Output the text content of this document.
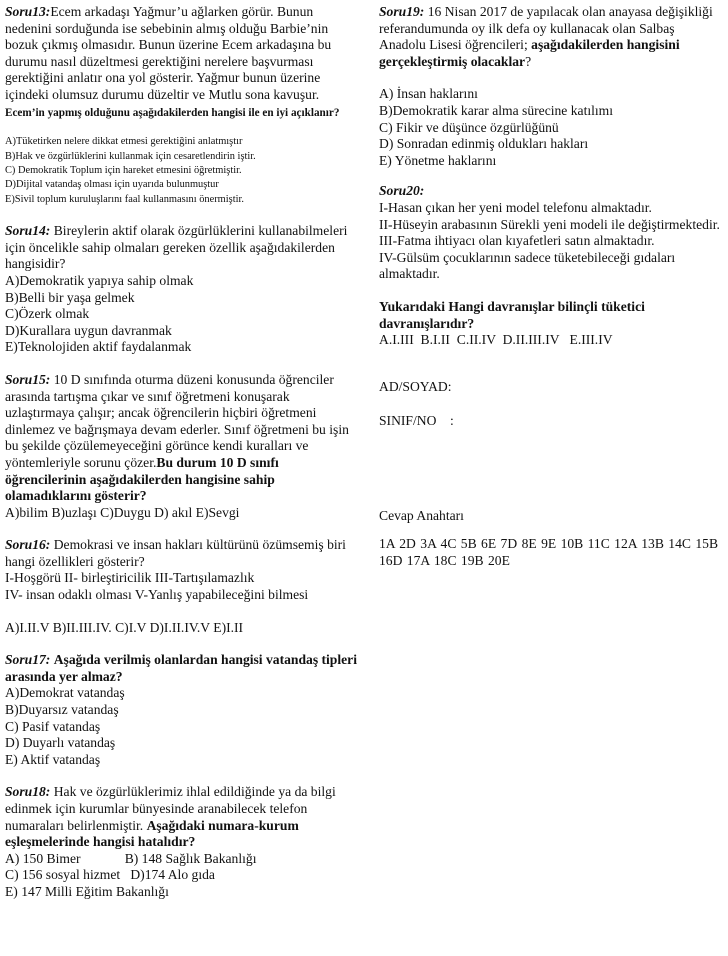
Soru13:Ecem arkadaşı Yağmur’u ağlarken görür. Bunun nedenini sorduğunda ise sebebinin almış olduğu Barbie’nin bozuk çıkmış olmasıdır. Bunun üzerine Ecem arkadaşına bu durumu nasıl düzeltmesi gerektiğini nerelere başvurması gerektiğini anlatır ona yol gösterir. Yağmur bunun üzerine içindeki olumsuz durumu düzeltir ve Mutlu sona kavuşur. Ecem’in yapmış olduğunu aşağıdakilerden hangisi ile en iyi açıklanır?

A)Tüketirken nelere dikkat etmesi gerektiğini anlatmıştır

B)Hak ve özgürlüklerini kullanmak için cesaretlendirin iştir.

C) Demokratik Toplum için hareket etmesini öğretmiştir.

D)Dijital vatandaş olması için uyarıda bulunmuştur

E)Sivil toplum kuruluşlarını faal kullanmasını önermiştir.

Soru14: Bireylerin aktif olarak özgürlüklerini kullanabilmeleri için öncelikle sahip olmaları gereken özellik aşağıdakilerden hangisidir?

A)Demokratik yapıya sahip olmak

B)Belli bir yaşa gelmek

C)Özerk olmak

D)Kurallara uygun davranmak

E)Teknolojiden aktif faydalanmak

Soru15: 10 D sınıfında oturma düzeni konusunda öğrenciler arasında tartışma çıkar ve sınıf öğretmeni konuşarak uzlaştırmaya çalışır; ancak öğrencilerin hiçbiri öğretmeni dinlemez ve bağrışmaya devam ederler. Sınıf öğretmeni bu işin bu şekilde çözülemeyeceğini görünce kendi kuralları ve yöntemleriyle sorunu çözer.Bu durum 10 D sınıfı öğrencilerinin aşağıdakilerden hangisine sahip olamadıklarını gösterir?

A)bilim B)uzlaşı C)Duygu D) akıl E)Sevgi

Soru16: Demokrasi ve insan hakları kültürünü özümsemiş biri hangi özellikleri gösterir?

I-Hoşgörü II- birleştiricilik III-Tartışılamazlık

IV- insan odaklı olması V-Yanlış yapabileceğini bilmesi

A)I.II.V B)II.III.IV. C)I.V D)I.II.IV.V E)I.II

Soru17: Aşağıda verilmiş olanlardan hangisi vatandaş tipleri arasında yer almaz?

A)Demokrat vatandaş

B)Duyarsız vatandaş

C) Pasif vatandaş

D) Duyarlı vatandaş

E) Aktif vatandaş

Soru18: Hak ve özgürlüklerimiz ihlal edildiğinde ya da bilgi edinmek için kurumlar bünyesinde aranabilecek telefon numaraları belirlenmiştir. Aşağıdaki numara-kurum eşleşmelerinde hangisi hatalıdır?

A) 150 Bimer             B) 148 Sağlık Bakanlığı

C) 156 sosyal hizmet   D)174 Alo gıda

E) 147 Milli Eğitim Bakanlığı

Soru19: 16 Nisan 2017 de yapılacak olan anayasa değişikliği referandumunda oy ilk defa oy kullanacak olan Salbaş Anadolu Lisesi öğrencileri; aşağıdakilerden hangisini gerçekleştirmiş olacaklar?

A) İnsan haklarını

B)Demokratik karar alma sürecine katılımı

C) Fikir ve düşünce özgürlüğünü

D) Sonradan edinmiş oldukları hakları

E) Yönetme haklarını

Soru20:

I-Hasan çıkan her yeni model telefonu almaktadır.

II-Hüseyin arabasının Sürekli yeni modeli ile değiştirmektedir.

III-Fatma ihtiyacı olan kıyafetleri satın almaktadır.

IV-Gülsüm çocuklarının sadece tüketebileceği gıdaları almaktadır.

Yukarıdaki Hangi davranışlar bilinçli tüketici davranışlarıdır?

A.I.III  B.I.II  C.II.IV  D.II.III.IV   E.III.IV

AD/SOYAD:

SINIF/NO    :

Cevap Anahtarı

1A 2D 3A 4C 5B 6E 7D 8E 9E 10B 11C 12A 13B 14C 15B 16D 17A 18C 19B 20E
